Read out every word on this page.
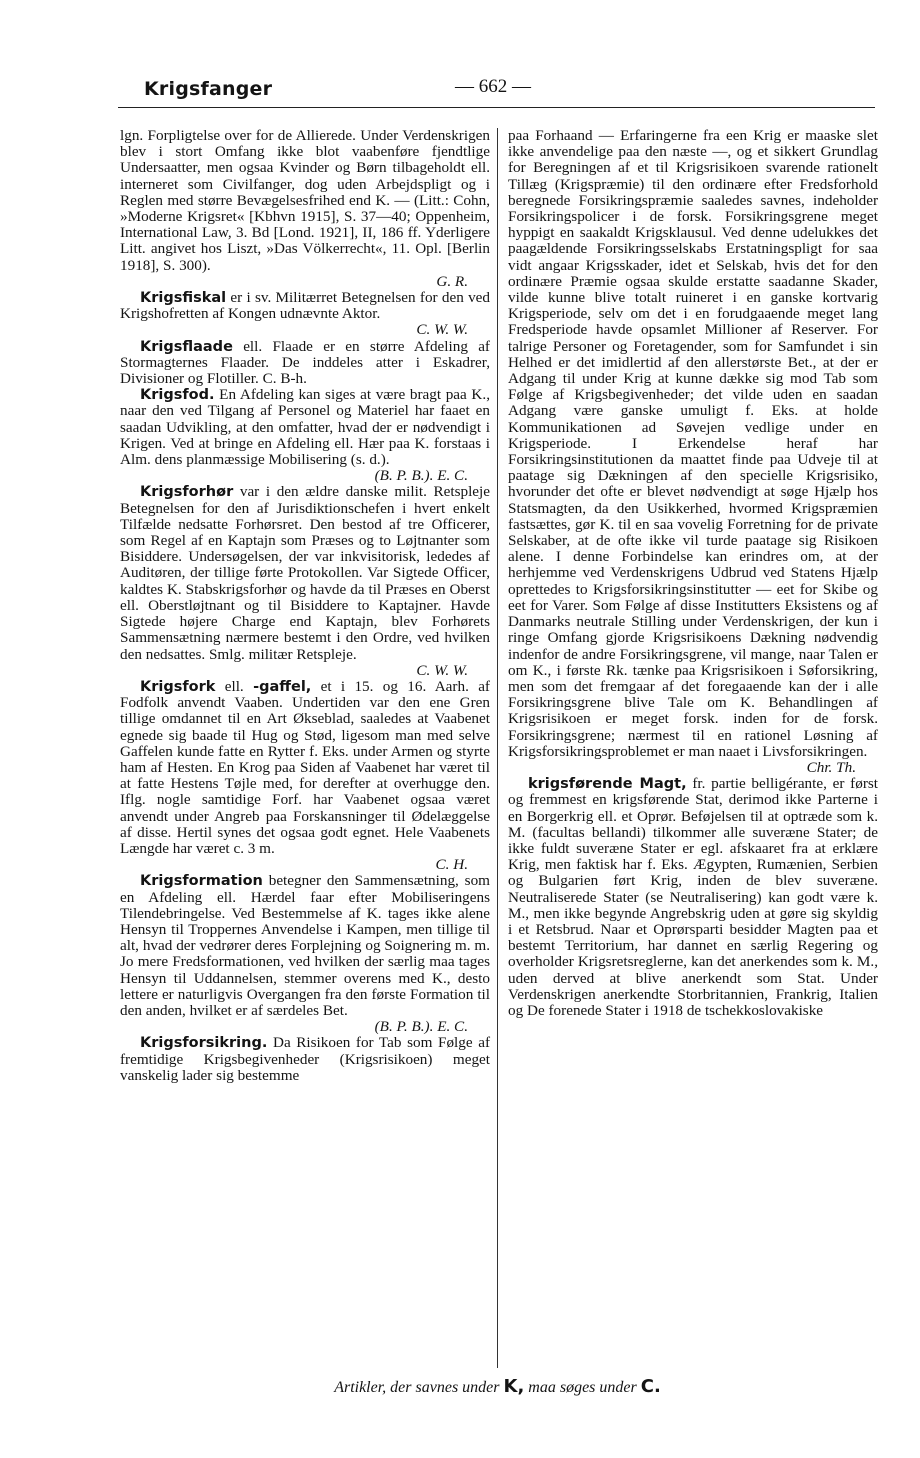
Krigsfanger	— 662 —

lgn. Forpligtelse over for de Allierede. Under Verdenskrigen blev i stort Omfang ikke blot vaabenføre fjendtlige Undersaatter, men ogsaa Kvinder og Børn tilbageholdt ell. interneret som Civilfanger, dog uden Arbejdspligt og i Reglen med større Bevægelsesfrihed end K. — (Litt.: Cohn, »Moderne Krigsret« [Kbhvn 1915], S. 37—40; Oppenheim, International Law, 3. Bd [Lond. 1921], II, 186 ff. Yderligere Litt. angivet hos Liszt, »Das Völkerrecht«, 11. Opl. [Berlin 1918], S. 300).
G. R.

Krigsfiskal er i sv. Militærret Betegnelsen for den ved Krigshofretten af Kongen udnævnte Aktor.
C. W. W.

Krigsflaade ell. Flaade er en større Afdeling af Stormagternes Flaader. De inddeles atter i Eskadrer, Divisioner og Flotiller. C. B-h.

Krigsfod. En Afdeling kan siges at være bragt paa K., naar den ved Tilgang af Personel og Materiel har faaet en saadan Udvikling, at den omfatter, hvad der er nødvendigt i Krigen. Ved at bringe en Afdeling ell. Hær paa K. forstaas i Alm. dens planmæssige Mobilisering (s. d.).
(B. P. B.). E. C.

Krigsforhør var i den ældre danske milit. Retspleje Betegnelsen for den af Jurisdiktionschefen i hvert enkelt Tilfælde nedsatte Forhørsret. Den bestod af tre Officerer, som Regel af en Kaptajn som Præses og to Løjtnanter som Bisiddere. Undersøgelsen, der var inkvisitorisk, lededes af Auditøren, der tillige førte Protokollen. Var Sigtede Officer, kaldtes K. Stabskrigsforhør og havde da til Præses en Oberst ell. Oberstløjtnant og til Bisiddere to Kaptajner. Havde Sigtede højere Charge end Kaptajn, blev Forhørets Sammensætning nærmere bestemt i den Ordre, ved hvilken den nedsattes. Smlg. militær Retspleje.
C. W. W.

Krigsfork ell. -gaffel, et i 15. og 16. Aarh. af Fodfolk anvendt Vaaben. Undertiden var den ene Gren tillige omdannet til en Art Økseblad, saaledes at Vaabenet egnede sig baade til Hug og Stød, ligesom man med selve Gaffelen kunde fatte en Rytter f. Eks. under Armen og styrte ham af Hesten. En Krog paa Siden af Vaabenet har været til at fatte Hestens Tøjle med, for derefter at overhugge den. Iflg. nogle samtidige Forf. har Vaabenet ogsaa været anvendt under Angreb paa Forskansninger til Ødelæggelse af disse. Hertil synes det ogsaa godt egnet. Hele Vaabenets Længde har været c. 3 m.
C. H.

Krigsformation betegner den Sammensætning, som en Afdeling ell. Hærdel faar efter Mobiliseringens Tilendebringelse. Ved Bestemmelse af K. tages ikke alene Hensyn til Troppernes Anvendelse i Kampen, men tillige til alt, hvad der vedrører deres Forplejning og Soignering m. m. Jo mere Fredsformationen, ved hvilken der særlig maa tages Hensyn til Uddannelsen, stemmer overens med K., desto lettere er naturligvis Overgangen fra den første Formation til den anden, hvilket er af særdeles Bet.
(B. P. B.). E. C.

Krigsforsikring. Da Risikoen for Tab som Følge af fremtidige Krigsbegivenheder (Krigsrisikoen) meget vanskelig lader sig bestemme

paa Forhaand — Erfaringerne fra een Krig er maaske slet ikke anvendelige paa den næste —, og et sikkert Grundlag for Beregningen af et til Krigsrisikoen svarende rationelt Tillæg (Krigspræmie) til den ordinære efter Fredsforhold beregnede Forsikringspræmie saaledes savnes, indeholder Forsikringspolicer i de forsk. Forsikringsgrene meget hyppigt en saakaldt Krigsklausul. Ved denne udelukkes det paagældende Forsikringsselskabs Erstatningspligt for saa vidt angaar Krigsskader, idet et Selskab, hvis det for den ordinære Præmie ogsaa skulde erstatte saadanne Skader, vilde kunne blive totalt ruineret i en ganske kortvarig Krigsperiode, selv om det i en forudgaaende meget lang Fredsperiode havde opsamlet Millioner af Reserver. For talrige Personer og Foretagender, som for Samfundet i sin Helhed er det imidlertid af den allerstørste Bet., at der er Adgang til under Krig at kunne dække sig mod Tab som Følge af Krigsbegivenheder; det vilde uden en saadan Adgang være ganske umuligt f. Eks. at holde Kommunikationen ad Søvejen vedlige under en Krigsperiode. I Erkendelse heraf har Forsikringsinstitutionen da maattet finde paa Udveje til at paatage sig Dækningen af den specielle Krigsrisiko, hvorunder det ofte er blevet nødvendigt at søge Hjælp hos Statsmagten, da den Usikkerhed, hvormed Krigspræmien fastsættes, gør K. til en saa vovelig Forretning for de private Selskaber, at de ofte ikke vil turde paatage sig Risikoen alene. I denne Forbindelse kan erindres om, at der herhjemme ved Verdenskrigens Udbrud ved Statens Hjælp oprettedes to Krigsforsikringsinstitutter — eet for Skibe og eet for Varer. Som Følge af disse Institutters Eksistens og af Danmarks neutrale Stilling under Verdenskrigen, der kun i ringe Omfang gjorde Krigsrisikoens Dækning nødvendig indenfor de andre Forsikringsgrene, vil mange, naar Talen er om K., i første Rk. tænke paa Krigsrisikoen i Søforsikring, men som det fremgaar af det foregaaende kan der i alle Forsikringsgrene blive Tale om K. Behandlingen af Krigsrisikoen er meget forsk. inden for de forsk. Forsikringsgrene; nærmest til en rationel Løsning af Krigsforsikringsproblemet er man naaet i Livsforsikringen.
Chr. Th.

krigsførende Magt, fr. partie belligérante, er først og fremmest en krigsførende Stat, derimod ikke Parterne i en Borgerkrig ell. et Oprør. Beføjelsen til at optræde som k. M. (facultas bellandi) tilkommer alle suveræne Stater; de ikke fuldt suveræne Stater er egl. afskaaret fra at erklære Krig, men faktisk har f. Eks. Ægypten, Rumænien, Serbien og Bulgarien ført Krig, inden de blev suveræne. Neutraliserede Stater (se Neutralisering) kan godt være k. M., men ikke begynde Angrebskrig uden at gøre sig skyldig i et Retsbrud. Naar et Oprørsparti besidder Magten paa et bestemt Territorium, har dannet en særlig Regering og overholder Krigsretsreglerne, kan det anerkendes som k. M., uden derved at blive anerkendt som Stat. Under Verdenskrigen anerkendte Storbritannien, Frankrig, Italien og De forenede Stater i 1918 de tschekkoslovakiske

Artikler, der savnes under K, maa søges under C.
